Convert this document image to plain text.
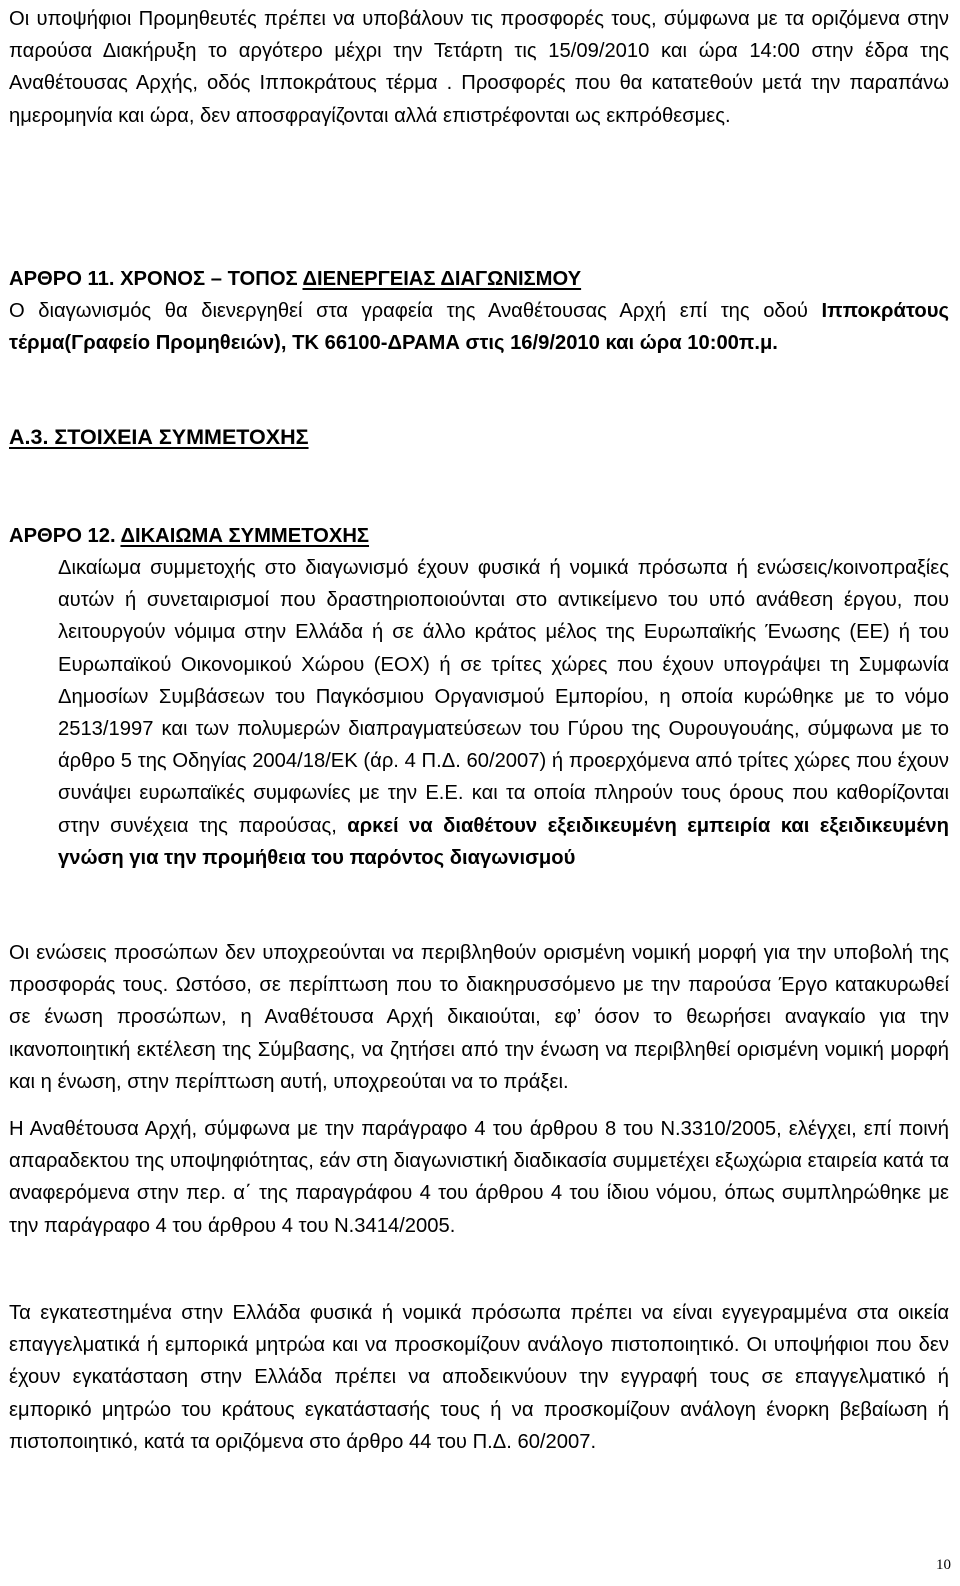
Οι υποψήφιοι Προμηθευτές πρέπει να υποβάλουν τις προσφορές τους, σύμφωνα με τα οριζόμενα στην παρούσα Διακήρυξη το αργότερο μέχρι την Τετάρτη τις 15/09/2010 και ώρα 14:00 στην έδρα της Αναθέτουσας Αρχής, οδός Ιπποκράτους τέρμα . Προσφορές που θα κατατεθούν μετά την παραπάνω ημερομηνία και ώρα, δεν αποσφραγίζονται αλλά επιστρέφονται ως εκπρόθεσμες.
ΑΡΘΡΟ 11. ΧΡΟΝΟΣ – ΤΟΠΟΣ ΔΙΕΝΕΡΓΕΙΑΣ ΔΙΑΓΩΝΙΣΜΟΥ
Ο διαγωνισμός θα διενεργηθεί στα γραφεία της Αναθέτουσας Αρχή επί της οδού Ιπποκράτους τέρμα(Γραφείο Προμηθειών), ΤΚ 66100-ΔΡΑΜΑ στις 16/9/2010 και ώρα 10:00π.μ.
Α.3. ΣΤΟΙΧΕΙΑ ΣΥΜΜΕΤΟΧΗΣ
ΑΡΘΡΟ 12. ΔΙΚΑΙΩΜΑ ΣΥΜΜΕΤΟΧΗΣ
Δικαίωμα συμμετοχής στο διαγωνισμό έχουν φυσικά ή νομικά πρόσωπα ή ενώσεις/κοινοπραξίες αυτών ή συνεταιρισμοί που δραστηριοποιούνται στο αντικείμενο του υπό ανάθεση έργου, που λειτουργούν νόμιμα στην Ελλάδα ή σε άλλο κράτος μέλος της Ευρωπαϊκής Ένωσης (ΕΕ) ή του Ευρωπαϊκού Οικονομικού Χώρου (ΕΟΧ) ή σε τρίτες χώρες που έχουν υπογράψει τη Συμφωνία Δημοσίων Συμβάσεων του Παγκόσμιου Οργανισμού Εμπορίου, η οποία κυρώθηκε με το νόμο 2513/1997 και των πολυμερών διαπραγματεύσεων του Γύρου της Ουρουγουάης, σύμφωνα με το άρθρο 5 της Οδηγίας 2004/18/ΕΚ (άρ. 4 Π.Δ. 60/2007) ή προερχόμενα από τρίτες χώρες που έχουν συνάψει ευρωπαϊκές συμφωνίες με την Ε.Ε. και τα οποία πληρούν τους όρους που καθορίζονται στην συνέχεια της παρούσας, αρκεί να διαθέτουν εξειδικευμένη εμπειρία και εξειδικευμένη γνώση για την προμήθεια του παρόντος διαγωνισμού
Οι ενώσεις προσώπων δεν υποχρεούνται να περιβληθούν ορισμένη νομική μορφή για την υποβολή της προσφοράς τους. Ωστόσο, σε περίπτωση που το διακηρυσσόμενο με την παρούσα Έργο κατακυρωθεί σε ένωση προσώπων, η Αναθέτουσα Αρχή δικαιούται, εφ’ όσον το θεωρήσει αναγκαίο για την ικανοποιητική εκτέλεση της Σύμβασης, να ζητήσει από την ένωση να περιβληθεί ορισμένη νομική μορφή και η ένωση, στην περίπτωση αυτή, υποχρεούται να το πράξει.
Η Αναθέτουσα Αρχή, σύμφωνα με την παράγραφο 4 του άρθρου 8 του Ν.3310/2005, ελέγχει, επί ποινή απαραδεκτου της υποψηφιότητας, εάν στη διαγωνιστική διαδικασία συμμετέχει εξωχώρια εταιρεία κατά τα αναφερόμενα στην περ. α΄ της παραγράφου 4 του άρθρου 4 του ίδιου νόμου, όπως συμπληρώθηκε με την παράγραφο 4 του άρθρου 4 του Ν.3414/2005.
Τα εγκατεστημένα στην Ελλάδα φυσικά ή νομικά πρόσωπα πρέπει να είναι εγγεγραμμένα στα οικεία επαγγελματικά ή εμπορικά μητρώα και να προσκομίζουν ανάλογο πιστοποιητικό. Οι υποψήφιοι που δεν έχουν εγκατάσταση στην Ελλάδα πρέπει να αποδεικνύουν την εγγραφή τους σε επαγγελματικό ή εμπορικό μητρώο του κράτους εγκατάστασής τους ή να προσκομίζουν ανάλογη ένορκη βεβαίωση ή πιστοποιητικό, κατά τα οριζόμενα στο άρθρο 44 του Π.Δ. 60/2007.
10
